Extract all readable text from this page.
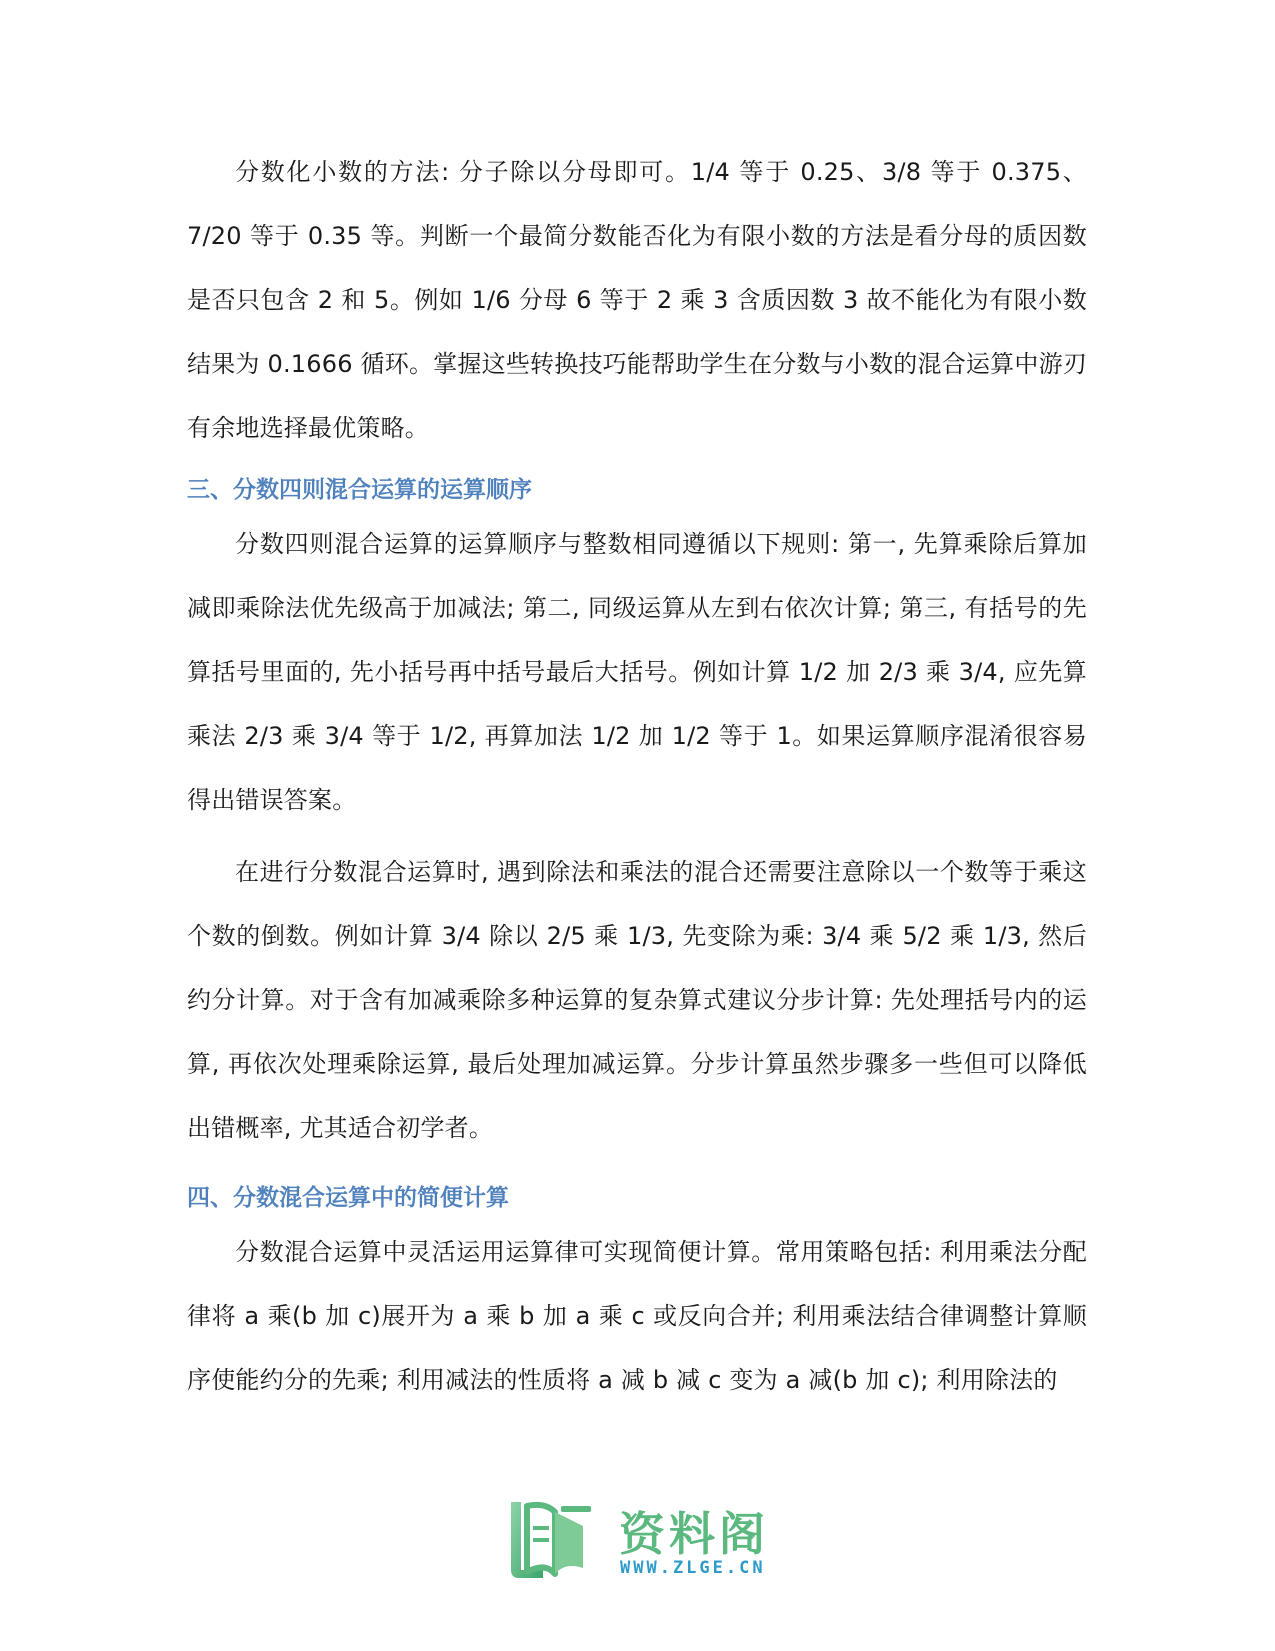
分数化小数的方法: 分子除以分母即可。1/4 等于 0.25、3/8 等于 0.375、7/20 等于 0.35 等。判断一个最简分数能否化为有限小数的方法是看分母的质因数是否只包含 2 和 5。例如 1/6 分母 6 等于 2 乘 3 含质因数 3 故不能化为有限小数结果为 0.1666 循环。掌握这些转换技巧能帮助学生在分数与小数的混合运算中游刃有余地选择最优策略。

三、分数四则混合运算的运算顺序

分数四则混合运算的运算顺序与整数相同遵循以下规则: 第一, 先算乘除后算加减即乘除法优先级高于加减法; 第二, 同级运算从左到右依次计算; 第三, 有括号的先算括号里面的, 先小括号再中括号最后大括号。例如计算 1/2 加 2/3 乘 3/4, 应先算乘法 2/3 乘 3/4 等于 1/2, 再算加法 1/2 加 1/2 等于 1。如果运算顺序混淆很容易得出错误答案。

在进行分数混合运算时, 遇到除法和乘法的混合还需要注意除以一个数等于乘这个数的倒数。例如计算 3/4 除以 2/5 乘 1/3, 先变除为乘: 3/4 乘 5/2 乘 1/3, 然后约分计算。对于含有加减乘除多种运算的复杂算式建议分步计算: 先处理括号内的运算, 再依次处理乘除运算, 最后处理加减运算。分步计算虽然步骤多一些但可以降低出错概率, 尤其适合初学者。

四、分数混合运算中的简便计算

分数混合运算中灵活运用运算律可实现简便计算。常用策略包括: 利用乘法分配律将 a 乘(b 加 c)展开为 a 乘 b 加 a 乘 c 或反向合并; 利用乘法结合律调整计算顺序使能约分的先乘; 利用减法的性质将 a 减 b 减 c 变为 a 减(b 加 c); 利用除法的

资料阁
WWW.ZLGE.CN
